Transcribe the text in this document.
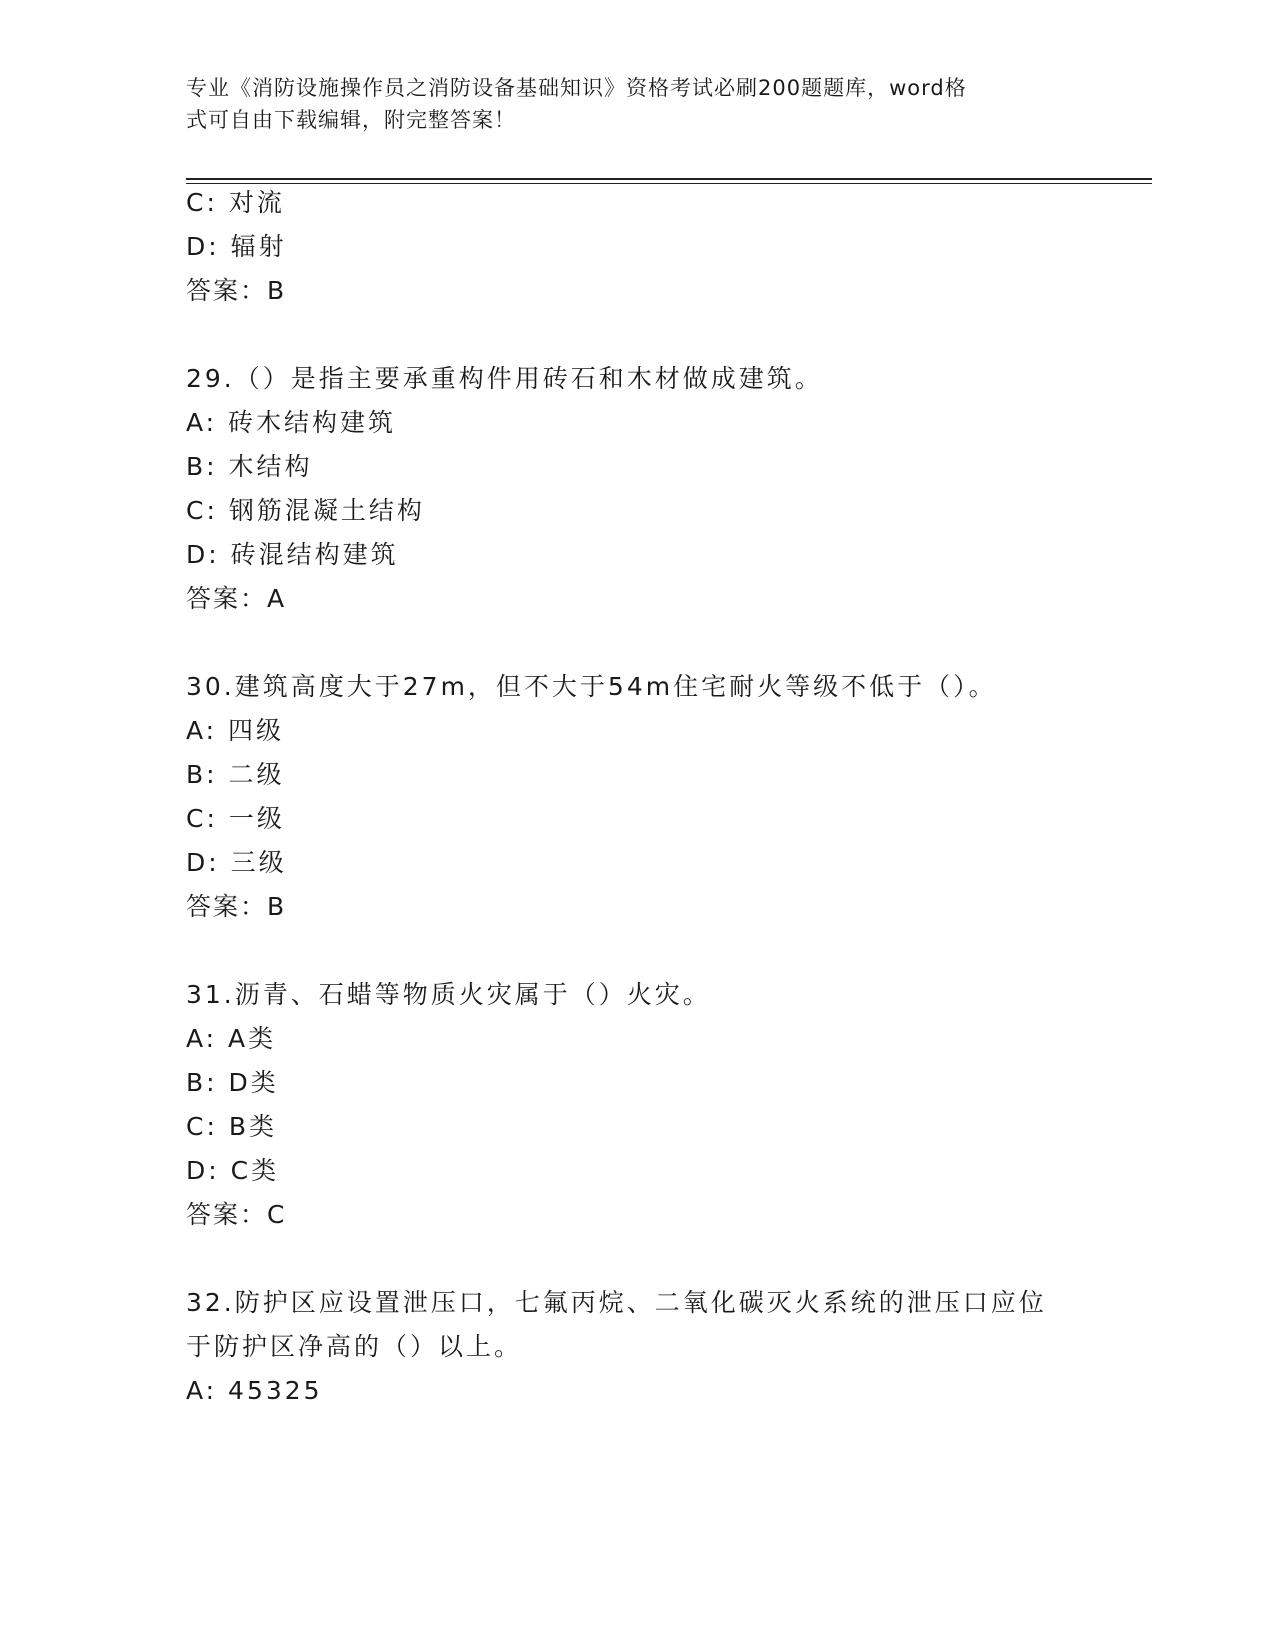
专业《消防设施操作员之消防设备基础知识》资格考试必刷200题题库，word格
式可自由下载编辑，附完整答案！
C: 对流
D: 辐射
答案：B
29.（）是指主要承重构件用砖石和木材做成建筑。
A: 砖木结构建筑
B: 木结构
C: 钢筋混凝土结构
D: 砖混结构建筑
答案：A
30.建筑高度大于27m，但不大于54m住宅耐火等级不低于（）。
A: 四级
B: 二级
C: 一级
D: 三级
答案：B
31.沥青、石蜡等物质火灾属于（）火灾。
A: A类
B: D类
C: B类
D: C类
答案：C
32.防护区应设置泄压口，七氟丙烷、二氧化碳灭火系统的泄压口应位
于防护区净高的（）以上。
A: 45325
